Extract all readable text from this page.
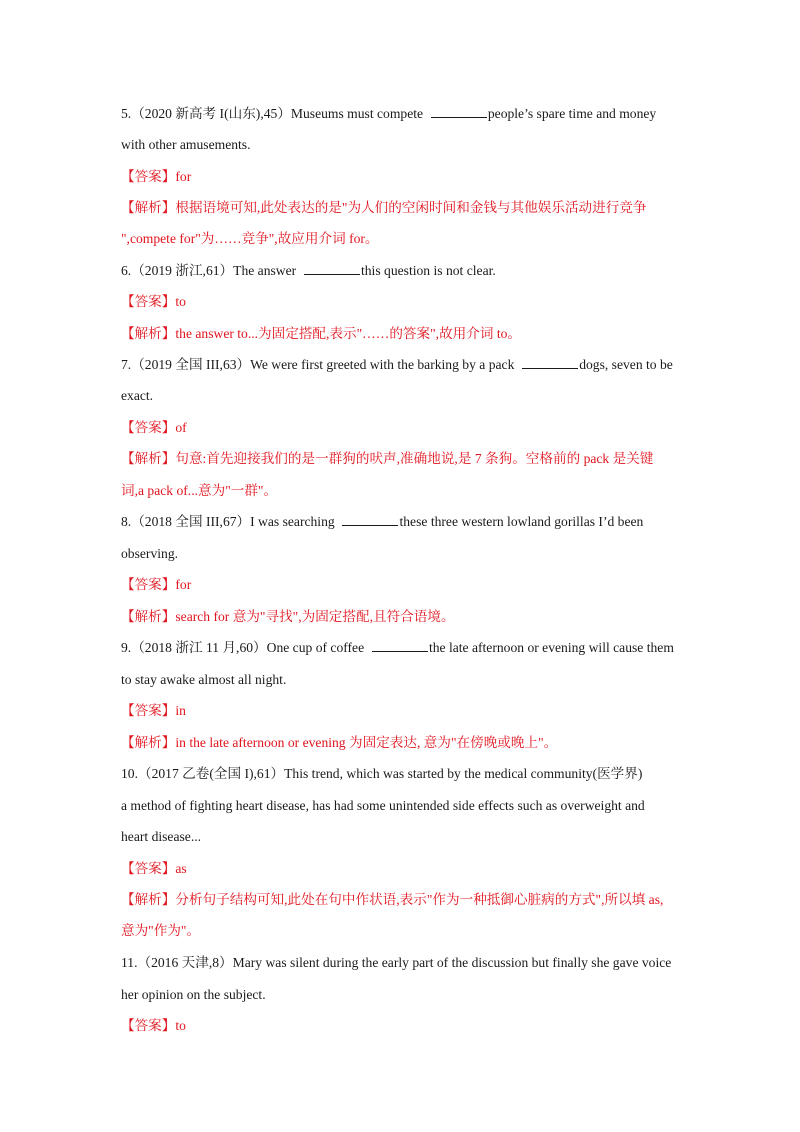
5.（2020 新高考 I(山东),45）Museums must compete	people’s spare time and money
with other amusements.
【答案】for
【解析】根据语境可知,此处表达的是"为人们的空闲时间和金钱与其他娱乐活动进行竞争
",compete for"为……竞争",故应用介词 for。
6.（2019 浙江,61）The answer	this question is not clear.
【答案】to
【解析】the answer to...为固定搭配,表示"……的答案",故用介词 to。
7.（2019 全国 III,63）We were first greeted with the barking by a pack	dogs, seven to be
exact.
【答案】of
【解析】句意:首先迎接我们的是一群狗的吠声,准确地说,是 7 条狗。空格前的 pack 是关键
词,a pack of...意为"一群"。
8.（2018 全国 III,67）I was searching	these three western lowland gorillas I’d been
observing.
【答案】for
【解析】search for 意为"寻找",为固定搭配,且符合语境。
9.（2018 浙江 11 月,60）One cup of coffee	the late afternoon or evening will cause them
to stay awake almost all night.
【答案】in
【解析】in the late afternoon or evening 为固定表达, 意为"在傍晚或晚上"。
10.（2017 乙卷(全国 I),61）This trend, which was started by the medical community(医学界)
a method of fighting heart disease, has had some unintended side effects such as overweight and
heart disease...
【答案】as
【解析】分析句子结构可知,此处在句中作状语,表示"作为一种抵御心脏病的方式",所以填 as,
意为"作为"。
11.（2016 天津,8）Mary was silent during the early part of the discussion but finally she gave voice
her opinion on the subject.
【答案】to
